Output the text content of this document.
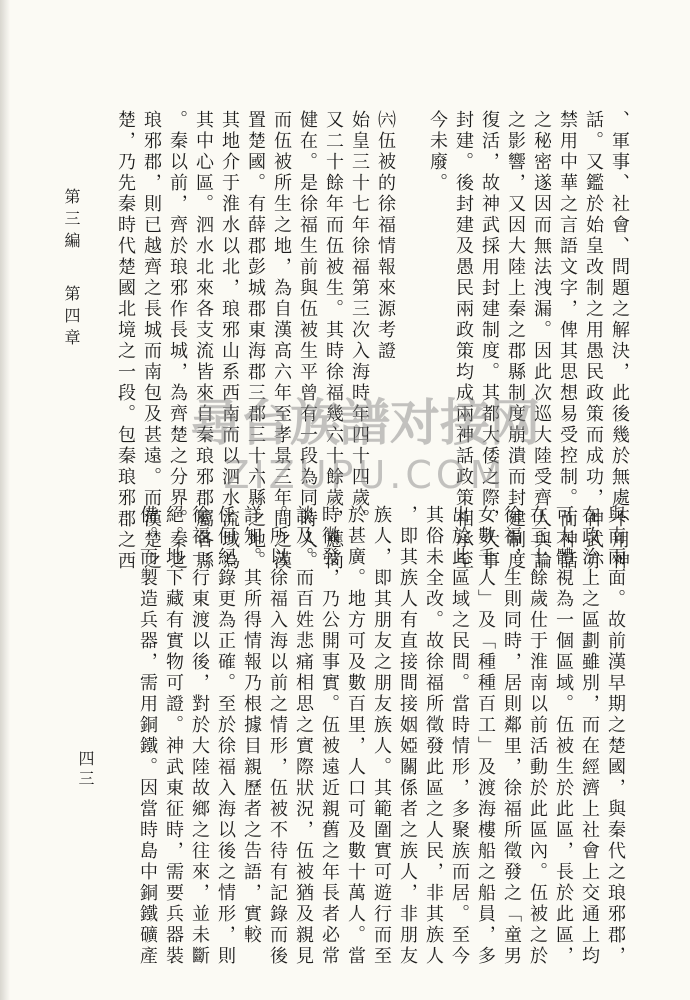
第三編
第四章	、軍事、社會、問題之解決，此後幾於無處不用神
話。又鑑於始皇改制之用愚民政策而成功，神武亦
禁用中華之言語文字，俾其思想易受控制。而神話
之秘密遂因而無法洩漏。因此次巡大陸受齊人與論
之影響，又因大陸上秦之郡縣制度崩潰而封建制度
復活，故神武採用封建制度。其都大倭之際，大事
封建。後封建及愚民兩政策均成兩神話政策相承至
今未廢。
㈥伍被的徐福情報來源考證
始皇三十七年徐福第三次入海時年四十四歲。
又二十餘年而伍被生。其時徐福幾六十餘歲，應尚
健在。是徐福生前與伍被生平曾有一段為同時人。
而伍被所生之地，為自漢高六年至孝景三年間之漢
置楚國。有薛郡彭城郡東海郡三郡三十六縣之地。
其地介于淮水以北，琅邪山系西南而以泗水流域為
其中心區。泗水北來各支流皆來自秦琅邪郡屬各縣
。秦以前，齊於琅邪作長城，為齊楚之分界。秦之
琅邪郡，則已越齊之長城而南包及甚遠。而漢楚之
楚，乃先秦時代楚國北境之一段。包秦琅邪郡之西
與南兩面。故前漢早期之楚國，與秦代之琅邪郡，
在政治上之區劃雖別，而在經濟上社會上交通上均
可大體視為一個區域。伍被生於此區，長於此區，
在三十餘歲仕于淮南以前活動於此區內。伍被之於
徐福，生則同時，居則鄰里，徐福所徵發之「童男
女數千人」及「種種百工」及渡海樓船之船員，多
出於此區域之民間。當時情形，多聚族而居。至今
其俗未全改。故徐福所徵發此區之人民，非其族人
，即其族人有直接間接姻婭關係者之族人，非朋友
族人，即其朋友之朋友族人。其範圍實可遊行而至
於甚廣。地方可及數百里，人口可及數十萬人。當
時徵發，乃公開事實。伍被遠近親舊之年長者必常
談及。而百姓悲痛相思之實際狀況，伍被猶及親見
。所以徐福入海以前之情形，伍被不待有記錄而後
詳知。其所得情報乃根據目親歷者之告語，實較
任何紀錄更為正確。至於徐福入海以後之情形，則
徐福一行東渡以後，對於大陸故鄉之往來，並未斷
絕。地下藏有實物可證。神武東征時，需要兵器裝
備。而製造兵器，需用銅鐵。因當時島中銅鐵礦產
四三
尋台族譜对接网
ZIZUPU.COM
